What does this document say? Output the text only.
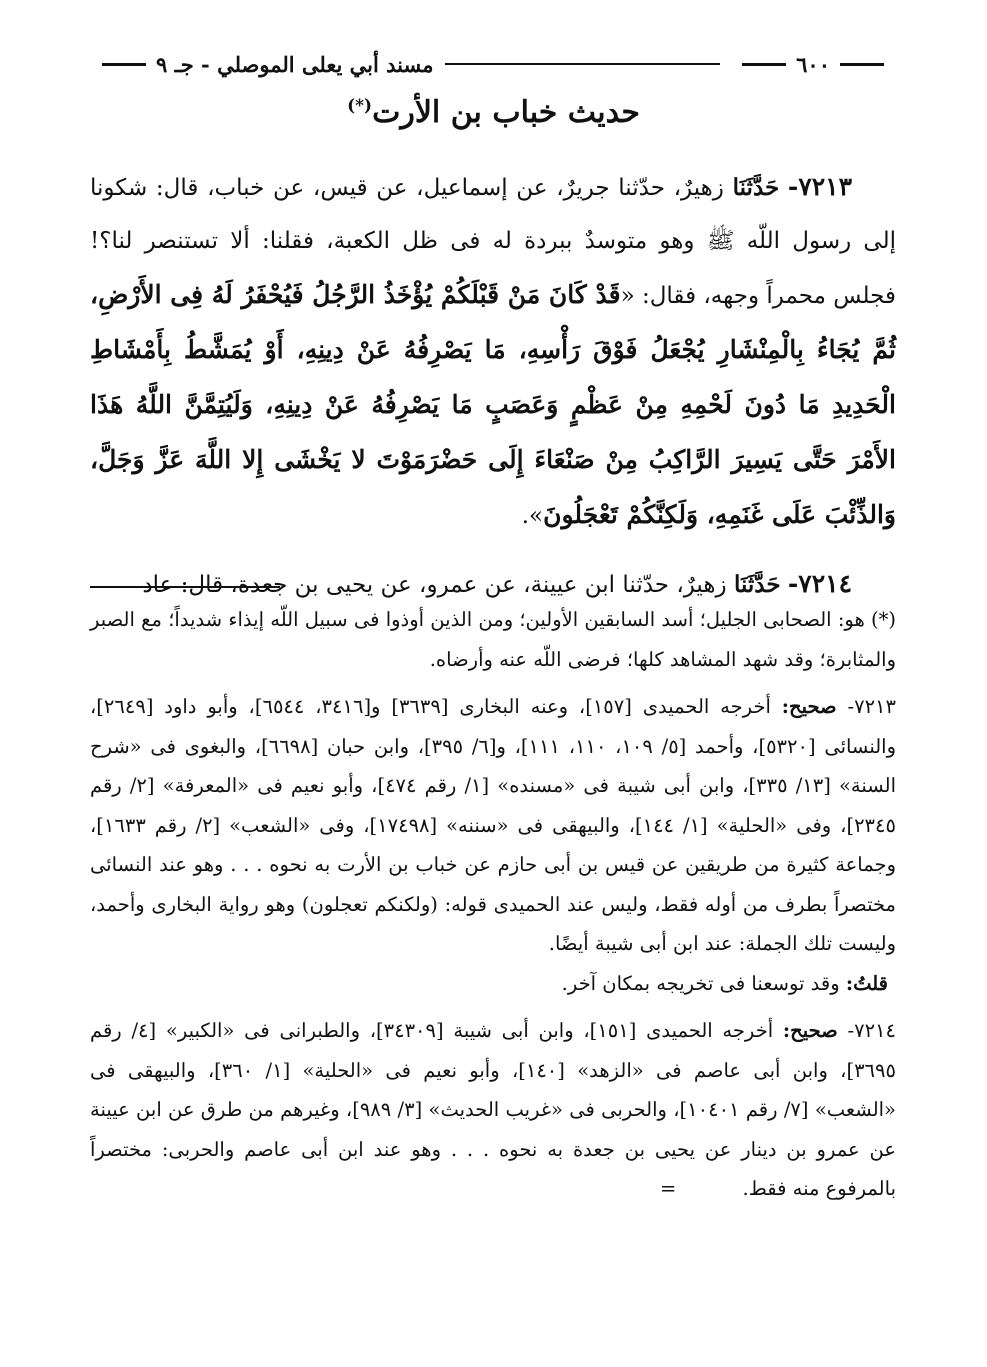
٦٠٠
مسند أبي يعلى الموصلي - جـ ٩
حديث خباب بن الأرت(*)

٧٢١٣- حَدَّثَنَا زهيرٌ، حدّثنا جريرٌ، عن إسماعيل، عن قيس، عن خباب، قال: شكونا إلى رسول اللّه ﷺ وهو متوسدٌ ببردة له فى ظل الكعبة، فقلنا: ألا تستنصر لنا؟! فجلس محمراً وجهه، فقال: «قَدْ كَانَ مَنْ قَبْلَكُمْ يُؤْخَذُ الرَّجُلُ فَيُحْفَرُ لَهُ فِى الأَرْضِ، ثُمَّ يُجَاءُ بِالْمِنْشَارِ يُجْعَلُ فَوْقَ رَأْسِهِ، مَا يَصْرِفُهُ عَنْ دِينِهِ، أَوْ يُمَشَّطُ بِأَمْشَاطِ الْحَدِيدِ مَا دُونَ لَحْمِهِ مِنْ عَظْمٍ وَعَصَبٍ مَا يَصْرِفُهُ عَنْ دِينِهِ، وَلَيُتِمَّنَّ اللَّهُ هَذَا الأَمْرَ حَتَّى يَسِيرَ الرَّاكِبُ مِنْ صَنْعَاءَ إِلَى حَضْرَمَوْتَ لا يَخْشَى إِلا اللَّهَ عَزَّ وَجَلَّ، وَالذِّئْبَ عَلَى غَنَمِهِ، وَلَكِنَّكُمْ تَعْجَلُونَ».

٧٢١٤- حَدَّثَنَا زهيرٌ، حدّثنا ابن عيينة، عن عمرو، عن يحيى بن جعدة، قال: عاد

(*) هو: الصحابى الجليل؛ أسد السابقين الأولين؛ ومن الذين أوذوا فى سبيل اللّه إيذاء شديداً؛ مع الصبر والمثابرة؛ وقد شهد المشاهد كلها؛ فرضى اللّه عنه وأرضاه.

٧٢١٣- صحيح: أخرجه الحميدى [١٥٧]، وعنه البخارى [٣٦٣٩] و[٣٤١٦، ٦٥٤٤]، وأبو داود [٢٦٤٩]، والنسائى [٥٣٢٠]، وأحمد [٥/ ١٠٩، ١١٠، ١١١]، و[٦/ ٣٩٥]، وابن حبان [٦٦٩٨]، والبغوى فى «شرح السنة» [١٣/ ٣٣٥]، وابن أبى شيبة فى «مسنده» [١/ رقم ٤٧٤]، وأبو نعيم فى «المعرفة» [٢/ رقم ٢٣٤٥]، وفى «الحلية» [١/ ١٤٤]، والبيهقى فى «سننه» [١٧٤٩٨]، وفى «الشعب» [٢/ رقم ١٦٣٣]، وجماعة كثيرة من طريقين عن قيس بن أبى حازم عن خباب بن الأرت به نحوه . . . وهو عند النسائى مختصراً بطرف من أوله فقط، وليس عند الحميدى قوله: (ولكنكم تعجلون) وهو رواية البخارى وأحمد، وليست تلك الجملة: عند ابن أبى شيبة أيضًا.

قلتُ: وقد توسعنا فى تخريجه بمكان آخر.

٧٢١٤- صحيح: أخرجه الحميدى [١٥١]، وابن أبى شيبة [٣٤٣٠٩]، والطبرانى فى «الكبير» [٤/ رقم ٣٦٩٥]، وابن أبى عاصم فى «الزهد» [١٤٠]، وأبو نعيم فى «الحلية» [١/ ٣٦٠]، والبيهقى فى «الشعب» [٧/ رقم ١٠٤٠١]، والحربى فى «غريب الحديث» [٣/ ٩٨٩]، وغيرهم من طرق عن ابن عيينة عن عمرو بن دينار عن يحيى بن جعدة به نحوه . . . وهو عند ابن أبى عاصم والحربى: مختصراً بالمرفوع منه فقط. =
